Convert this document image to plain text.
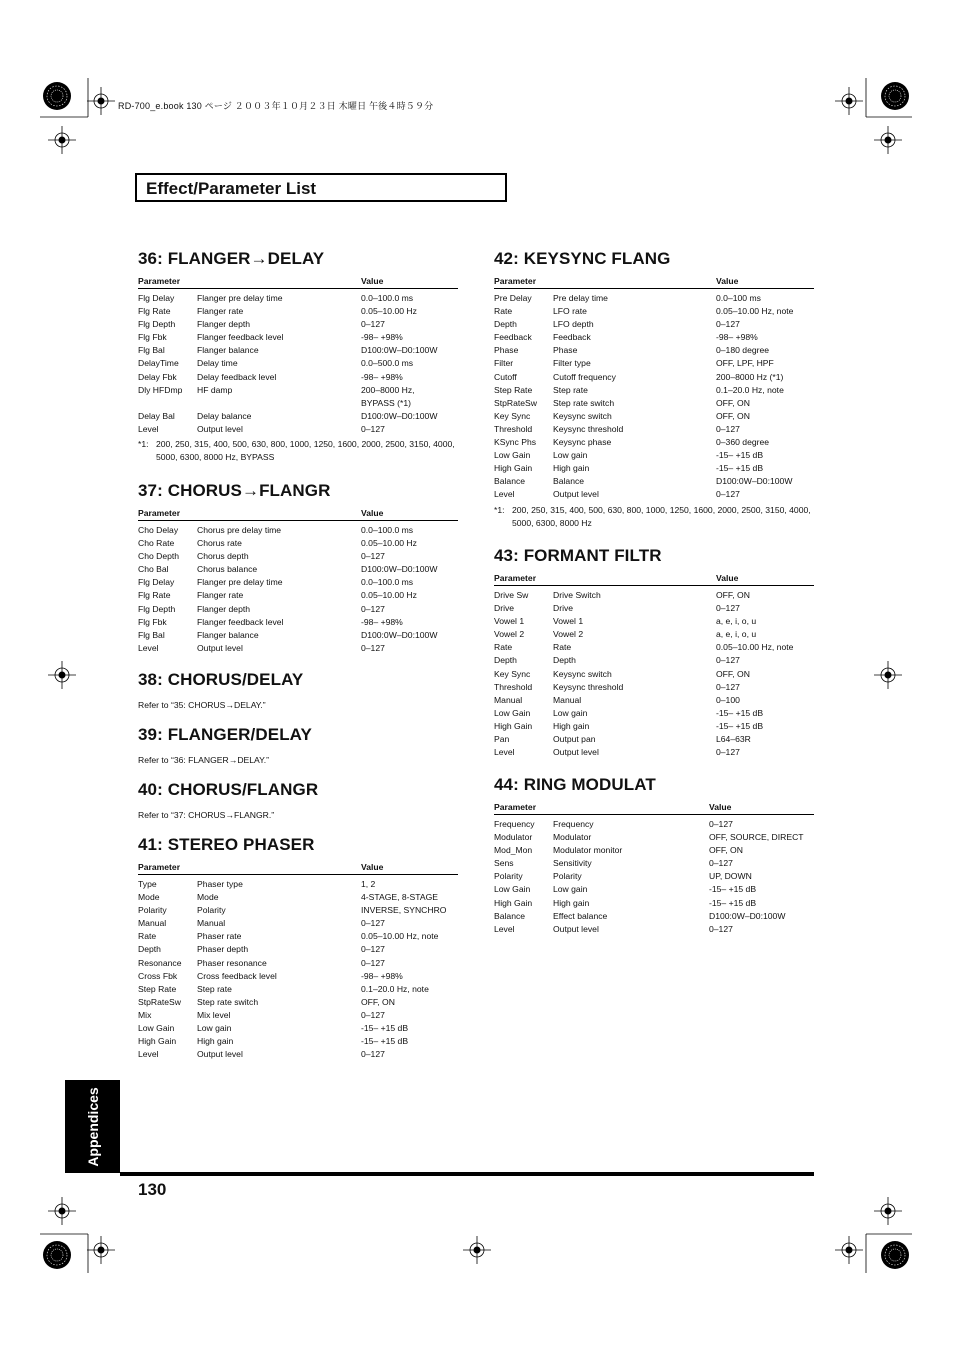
RD-700_e.book 130 ページ ２００３年１０月２３日 木曜日 午後４時５９分
Effect/Parameter List
36: FLANGER→DELAY
Parameter		Value
Flg Delay	Flanger pre delay time	0.0–100.0 ms
Flg Rate	Flanger rate	0.05–10.00 Hz
Flg Depth	Flanger depth	0–127
Flg Fbk	Flanger feedback level	-98– +98%
Flg Bal	Flanger balance	D100:0W–D0:100W
DelayTime	Delay time	0.0–500.0 ms
Delay Fbk	Delay feedback level	-98– +98%
Dly HFDmp	HF damp	200–8000 Hz,
		BYPASS (*1)
Delay Bal	Delay balance	D100:0W–D0:100W
Level	Output level	0–127
*1: 200, 250, 315, 400, 500, 630, 800, 1000, 1250, 1600, 2000, 2500, 3150, 4000, 5000, 6300, 8000 Hz, BYPASS
37: CHORUS→FLANGR
Parameter		Value
Cho Delay	Chorus pre delay time	0.0–100.0 ms
Cho Rate	Chorus rate	0.05–10.00 Hz
Cho Depth	Chorus depth	0–127
Cho Bal	Chorus balance	D100:0W–D0:100W
Flg Delay	Flanger pre delay time	0.0–100.0 ms
Flg Rate	Flanger rate	0.05–10.00 Hz
Flg Depth	Flanger depth	0–127
Flg Fbk	Flanger feedback level	-98– +98%
Flg Bal	Flanger balance	D100:0W–D0:100W
Level	Output level	0–127
38: CHORUS/DELAY
Refer to “35: CHORUS→DELAY.”
39: FLANGER/DELAY
Refer to “36: FLANGER→DELAY.”
40: CHORUS/FLANGR
Refer to “37: CHORUS→FLANGR.”
41: STEREO PHASER
Parameter		Value
Type	Phaser type	1, 2
Mode	Mode	4-STAGE, 8-STAGE
Polarity	Polarity	INVERSE, SYNCHRO
Manual	Manual	0–127
Rate	Phaser rate	0.05–10.00 Hz, note
Depth	Phaser depth	0–127
Resonance	Phaser resonance	0–127
Cross Fbk	Cross feedback level	-98– +98%
Step Rate	Step rate	0.1–20.0 Hz, note
StpRateSw	Step rate switch	OFF, ON
Mix	Mix level	0–127
Low Gain	Low gain	-15– +15 dB
High Gain	High gain	-15– +15 dB
Level	Output level	0–127
42: KEYSYNC FLANG
Parameter		Value
Pre Delay	Pre delay time	0.0–100 ms
Rate	LFO rate	0.05–10.00 Hz, note
Depth	LFO depth	0–127
Feedback	Feedback	-98– +98%
Phase	Phase	0–180 degree
Filter	Filter type	OFF, LPF, HPF
Cutoff	Cutoff frequency	200–8000 Hz (*1)
Step Rate	Step rate	0.1–20.0 Hz, note
StpRateSw	Step rate switch	OFF, ON
Key Sync	Keysync switch	OFF, ON
Threshold	Keysync threshold	0–127
KSync Phs	Keysync phase	0–360 degree
Low Gain	Low gain	-15– +15 dB
High Gain	High gain	-15– +15 dB
Balance	Balance	D100:0W–D0:100W
Level	Output level	0–127
*1: 200, 250, 315, 400, 500, 630, 800, 1000, 1250, 1600, 2000, 2500, 3150, 4000, 5000, 6300, 8000 Hz
43: FORMANT FILTR
Parameter		Value
Drive Sw	Drive Switch	OFF, ON
Drive	Drive	0–127
Vowel 1	Vowel 1	a, e, i, o, u
Vowel 2	Vowel 2	a, e, i, o, u
Rate	Rate	0.05–10.00 Hz, note
Depth	Depth	0–127
Key Sync	Keysync switch	OFF, ON
Threshold	Keysync threshold	0–127
Manual	Manual	0–100
Low Gain	Low gain	-15– +15 dB
High Gain	High gain	-15– +15 dB
Pan	Output pan	L64–63R
Level	Output level	0–127
44: RING MODULAT
Parameter		Value
Frequency	Frequency	0–127
Modulator	Modulator	OFF, SOURCE, DIRECT
Mod_Mon	Modulator monitor	OFF, ON
Sens	Sensitivity	0–127
Polarity	Polarity	UP, DOWN
Low Gain	Low gain	-15– +15 dB
High Gain	High gain	-15– +15 dB
Balance	Effect balance	D100:0W–D0:100W
Level	Output level	0–127
Appendices
130
